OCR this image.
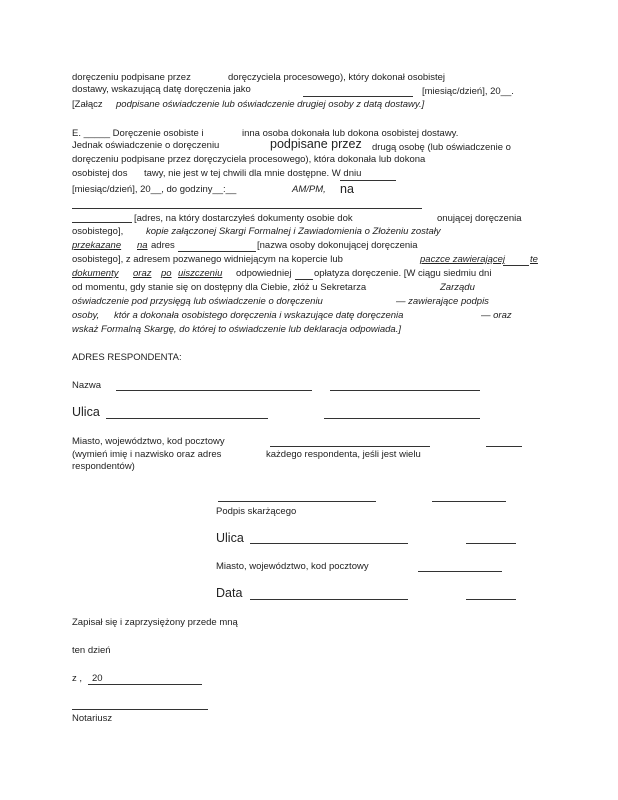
doręczeniu podpisane przez	doręczyciela procesowego), który dokonał osobistej
dostawy, wskazującą datę doręczenia jako	[miesiąc/dzień], 20__.
[Załącz podpisane oświadczenie lub oświadczenie drugiej osoby z datą dostawy.]
E. _____ Doręczenie osobiste i	inna osoba dokonała lub dokona osobistej dostawy.
Jednak oświadczenie o doręczeniu	podpisane przez drugą osobę (lub oświadczenie o
doręczeniu podpisane przez doręczyciela procesowego), która dokonała lub dokona
osobistej dos tawy, nie jest w tej chwili dla mnie dostępne. W dniu
[miesiąc/dzień], 20__, do godziny__:__	AM/PM, na
[adres, na który dostarczyłeś dokumenty osobie dok	onującej doręczenia
osobistego], kopie załączonej Skargi Formalnej i Zawiadomienia o Złożeniu zostały
przekazane na adres	[nazwa osoby dokonującej doręczenia
osobistego], z adresem pozwanego widniejącym na kopercie lub	paczce zawierającej	te
dokumenty oraz po uiszczeniu odpowiedniej opłatyza doręczenie. [W ciągu siedmiu dni
od momentu, gdy stanie się on dostępny dla Ciebie, złóż u Sekretarza	Zarządu
oświadczenie pod przysięgą lub oświadczenie o doręczeniu	— zawierające podpis
osoby, któr a dokonała osobistego doręczenia i wskazujące datę doręczenia	— oraz
wskaż Formalną Skargę, do której to oświadczenie lub deklaracja odpowiada.]
ADRES RESPONDENTA:
Nazwa
Ulica
Miasto, województwo, kod pocztowy
(wymień imię i nazwisko oraz adres	każdego respondenta, jeśli jest wielu
respondentów)
Podpis skarżącego
Ulica
Miasto, województwo, kod pocztowy
Data
Zapisał się i zaprzysiężony przede mną
ten dzień
z , 20
Notariusz
